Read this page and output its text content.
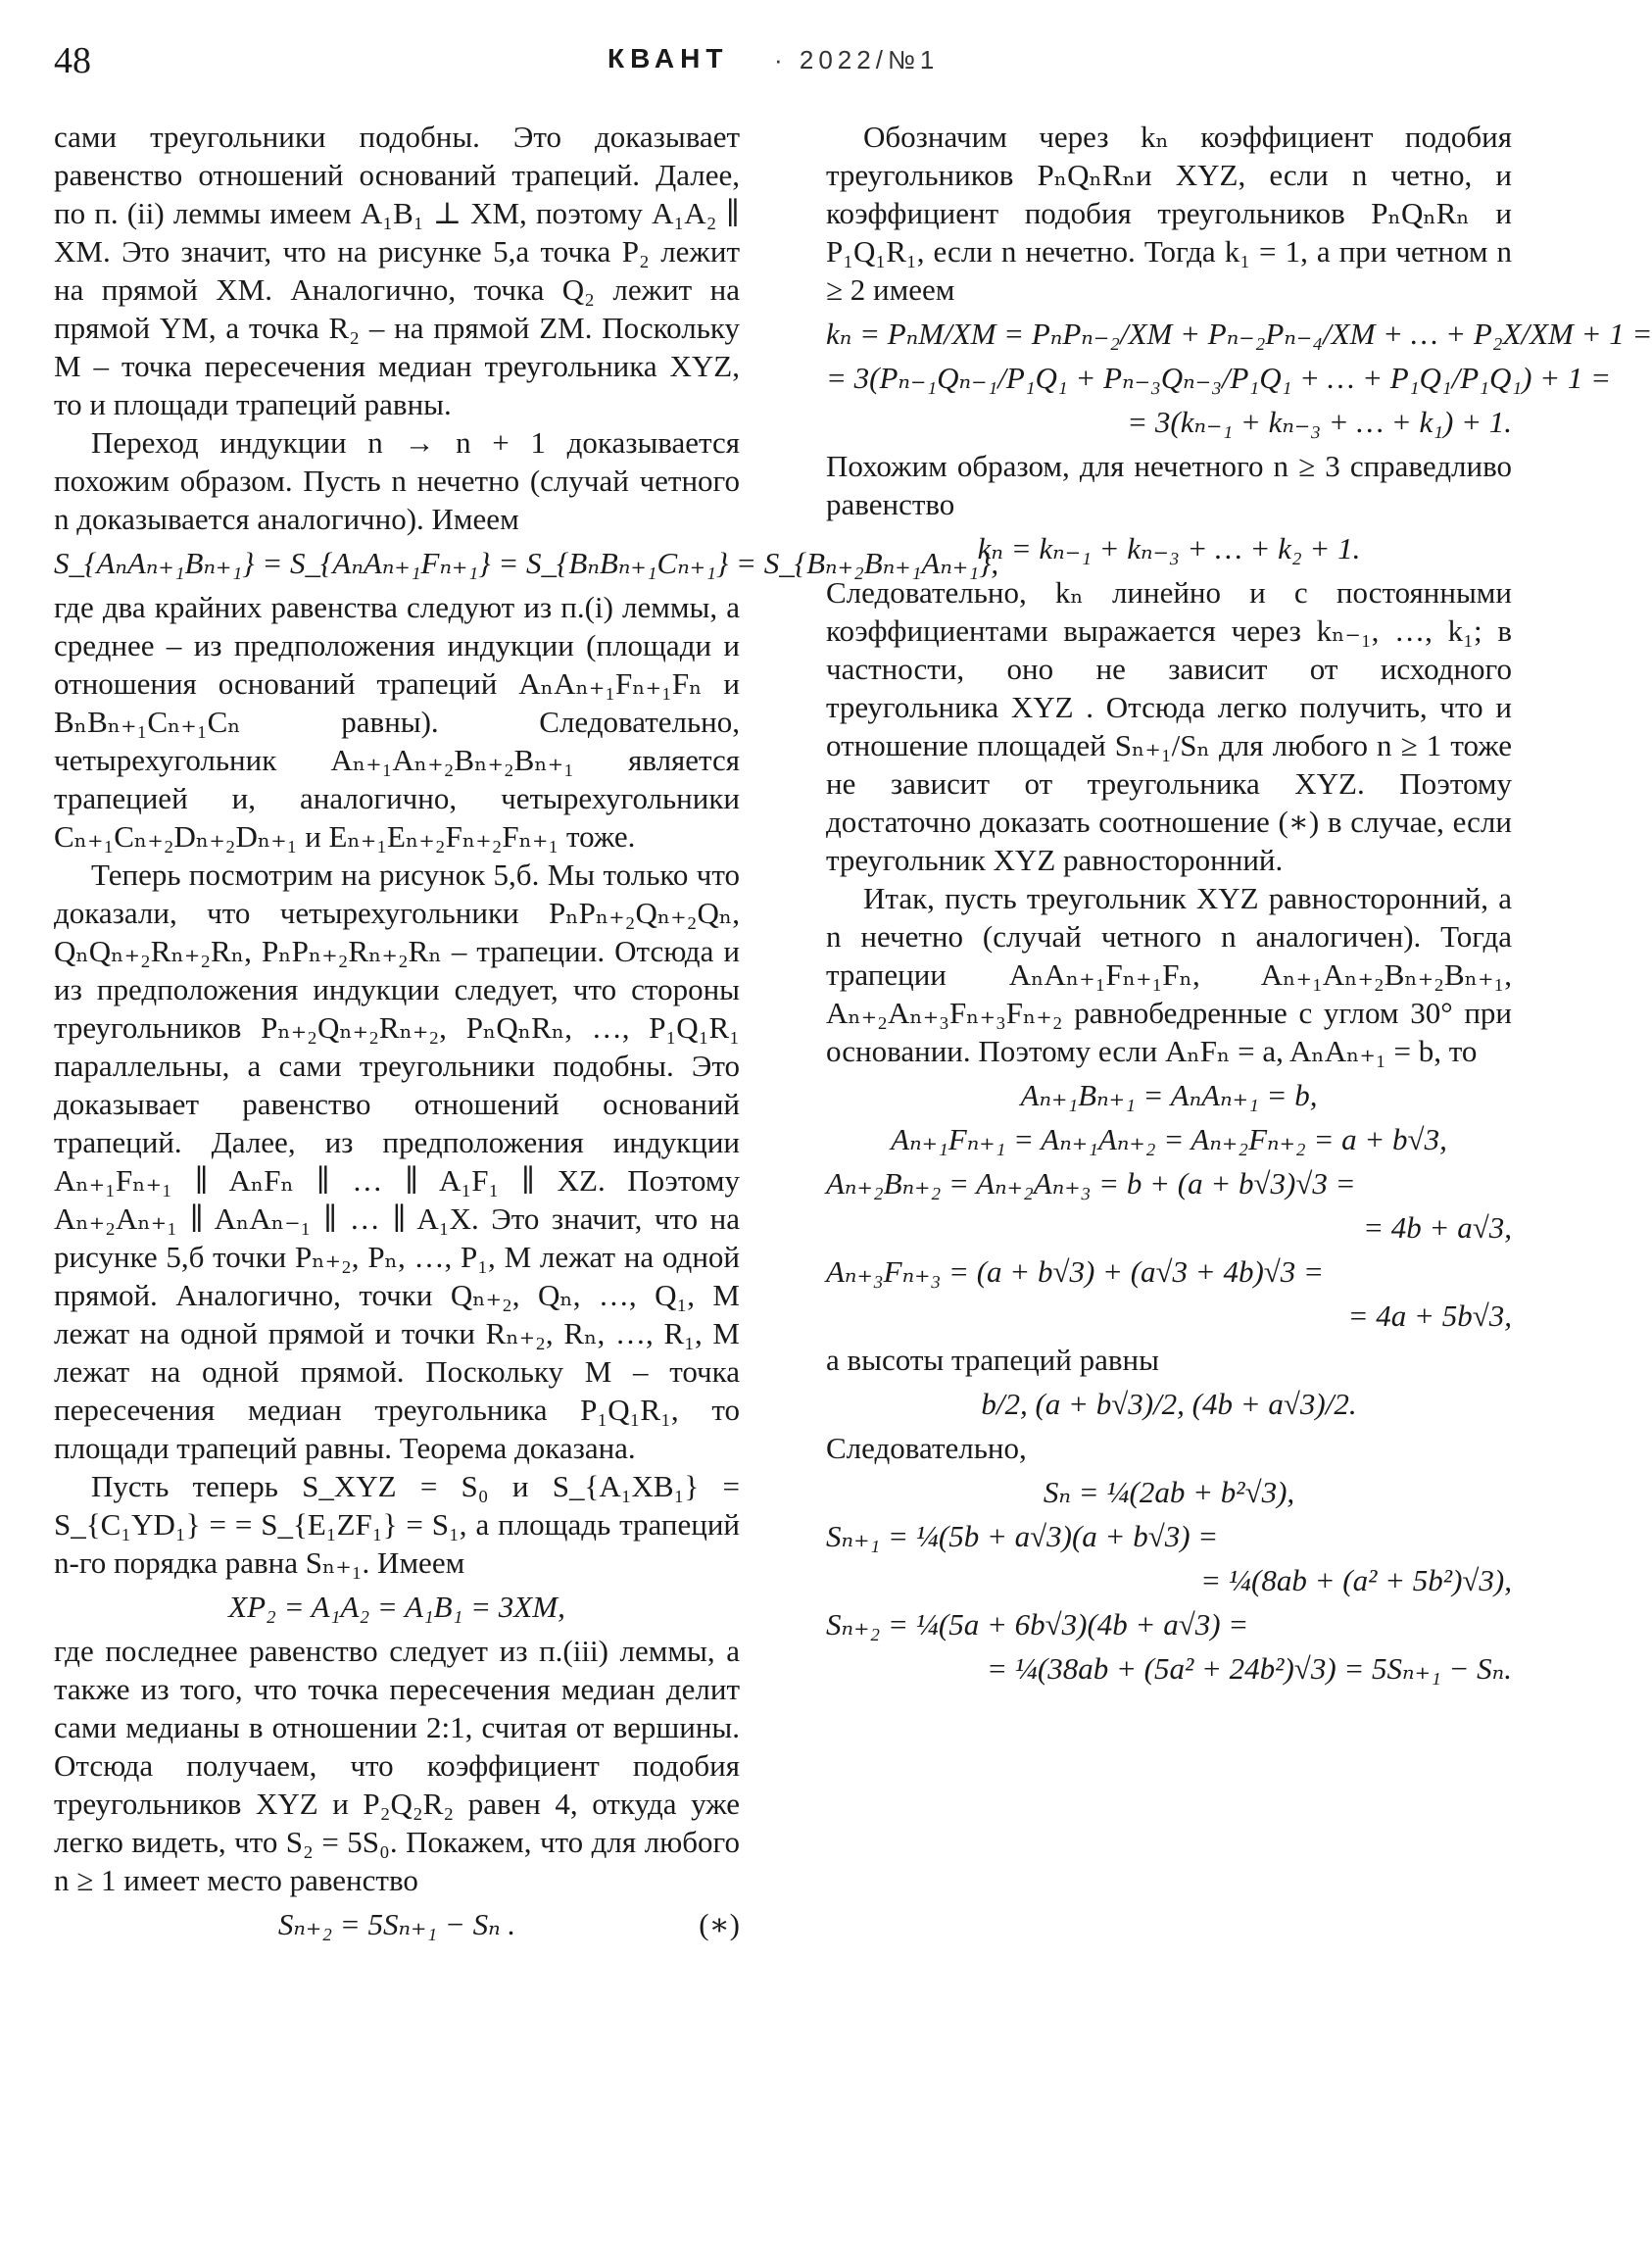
48	КВАНТ · 2022/№1

сами треугольники подобны. Это доказывает равенство отношений оснований трапеций. Далее, по п. (ii) леммы имеем A₁B₁ ⊥ XM, поэтому A₁A₂ ∥ XM. Это значит, что на рисунке 5,а точка P₂ лежит на прямой XM. Аналогично, точка Q₂ лежит на прямой YM, а точка R₂ – на прямой ZM. Поскольку M – точка пересечения медиан треугольника XYZ, то и площади трапеций равны.

Переход индукции n → n + 1 доказывается похожим образом. Пусть n нечетно (случай четного n доказывается аналогично). Имеем

S_{AₙAₙ₊₁Bₙ₊₁} = S_{AₙAₙ₊₁Fₙ₊₁} = S_{BₙBₙ₊₁Cₙ₊₁} = S_{Bₙ₊₂Bₙ₊₁Aₙ₊₁},

где два крайних равенства следуют из п.(i) леммы, а среднее – из предположения индукции (площади и отношения оснований трапеций AₙAₙ₊₁Fₙ₊₁Fₙ и BₙBₙ₊₁Cₙ₊₁Cₙ равны). Следовательно, четырехугольник Aₙ₊₁Aₙ₊₂Bₙ₊₂Bₙ₊₁ является трапецией и, аналогично, четырехугольники Cₙ₊₁Cₙ₊₂Dₙ₊₂Dₙ₊₁ и Eₙ₊₁Eₙ₊₂Fₙ₊₂Fₙ₊₁ тоже.

Теперь посмотрим на рисунок 5,б. Мы только что доказали, что четырехугольники PₙPₙ₊₂Qₙ₊₂Qₙ, QₙQₙ₊₂Rₙ₊₂Rₙ, PₙPₙ₊₂Rₙ₊₂Rₙ – трапеции. Отсюда и из предположения индукции следует, что стороны треугольников Pₙ₊₂Qₙ₊₂Rₙ₊₂, PₙQₙRₙ, …, P₁Q₁R₁ параллельны, а сами треугольники подобны. Это доказывает равенство отношений оснований трапеций. Далее, из предположения индукции Aₙ₊₁Fₙ₊₁ ∥ AₙFₙ ∥ … ∥ A₁F₁ ∥ XZ. Поэтому Aₙ₊₂Aₙ₊₁ ∥ AₙAₙ₋₁ ∥ … ∥ A₁X. Это значит, что на рисунке 5,б точки Pₙ₊₂, Pₙ, …, P₁, M лежат на одной прямой. Аналогично, точки Qₙ₊₂, Qₙ, …, Q₁, M лежат на одной прямой и точки Rₙ₊₂, Rₙ, …, R₁, M лежат на одной прямой. Поскольку M – точка пересечения медиан треугольника P₁Q₁R₁, то площади трапеций равны. Теорема доказана.

Пусть теперь S_XYZ = S₀ и S_{A₁XB₁} = S_{C₁YD₁} = = S_{E₁ZF₁} = S₁, а площадь трапеций n-го порядка равна Sₙ₊₁. Имеем

XP₂ = A₁A₂ = A₁B₁ = 3XM,

где последнее равенство следует из п.(iii) леммы, а также из того, что точка пересечения медиан делит сами медианы в отношении 2:1, считая от вершины. Отсюда получаем, что коэффициент подобия треугольников XYZ и P₂Q₂R₂ равен 4, откуда уже легко видеть, что S₂ = 5S₀. Покажем, что для любого n ≥ 1 имеет место равенство

Sₙ₊₂ = 5Sₙ₊₁ − Sₙ .	(∗)

Обозначим через kₙ коэффициент подобия треугольников PₙQₙRₙи XYZ, если n четно, и коэффициент подобия треугольников PₙQₙRₙ и P₁Q₁R₁, если n нечетно. Тогда k₁ = 1, а при четном n ≥ 2 имеем

kₙ = PₙM/XM = PₙPₙ₋₂/XM + Pₙ₋₂Pₙ₋₄/XM + … + P₂X/XM + 1 =
= 3(Pₙ₋₁Qₙ₋₁/P₁Q₁ + Pₙ₋₃Qₙ₋₃/P₁Q₁ + … + P₁Q₁/P₁Q₁) + 1 =
= 3(kₙ₋₁ + kₙ₋₃ + … + k₁) + 1.

Похожим образом, для нечетного n ≥ 3 справедливо равенство

kₙ = kₙ₋₁ + kₙ₋₃ + … + k₂ + 1.

Следовательно, kₙ линейно и с постоянными коэффициентами выражается через kₙ₋₁, …, k₁; в частности, оно не зависит от исходного треугольника XYZ . Отсюда легко получить, что и отношение площадей Sₙ₊₁/Sₙ для любого n ≥ 1 тоже не зависит от треугольника XYZ. Поэтому достаточно доказать соотношение (∗) в случае, если треугольник XYZ равносторонний.

Итак, пусть треугольник XYZ равносторонний, а n нечетно (случай четного n аналогичен). Тогда трапеции AₙAₙ₊₁Fₙ₊₁Fₙ, Aₙ₊₁Aₙ₊₂Bₙ₊₂Bₙ₊₁, Aₙ₊₂Aₙ₊₃Fₙ₊₃Fₙ₊₂ равнобедренные с углом 30° при основании. Поэтому если AₙFₙ = a, AₙAₙ₊₁ = b, то

Aₙ₊₁Bₙ₊₁ = AₙAₙ₊₁ = b,
Aₙ₊₁Fₙ₊₁ = Aₙ₊₁Aₙ₊₂ = Aₙ₊₂Fₙ₊₂ = a + b√3,
Aₙ₊₂Bₙ₊₂ = Aₙ₊₂Aₙ₊₃ = b + (a + b√3)√3 =
= 4b + a√3,
Aₙ₊₃Fₙ₊₃ = (a + b√3) + (a√3 + 4b)√3 =
= 4a + 5b√3,

а высоты трапеций равны

b/2, (a + b√3)/2, (4b + a√3)/2.

Следовательно,

Sₙ = ¼(2ab + b²√3),
Sₙ₊₁ = ¼(5b + a√3)(a + b√3) =
= ¼(8ab + (a² + 5b²)√3),
Sₙ₊₂ = ¼(5a + 6b√3)(4b + a√3) =
= ¼(38ab + (5a² + 24b²)√3) = 5Sₙ₊₁ − Sₙ.
